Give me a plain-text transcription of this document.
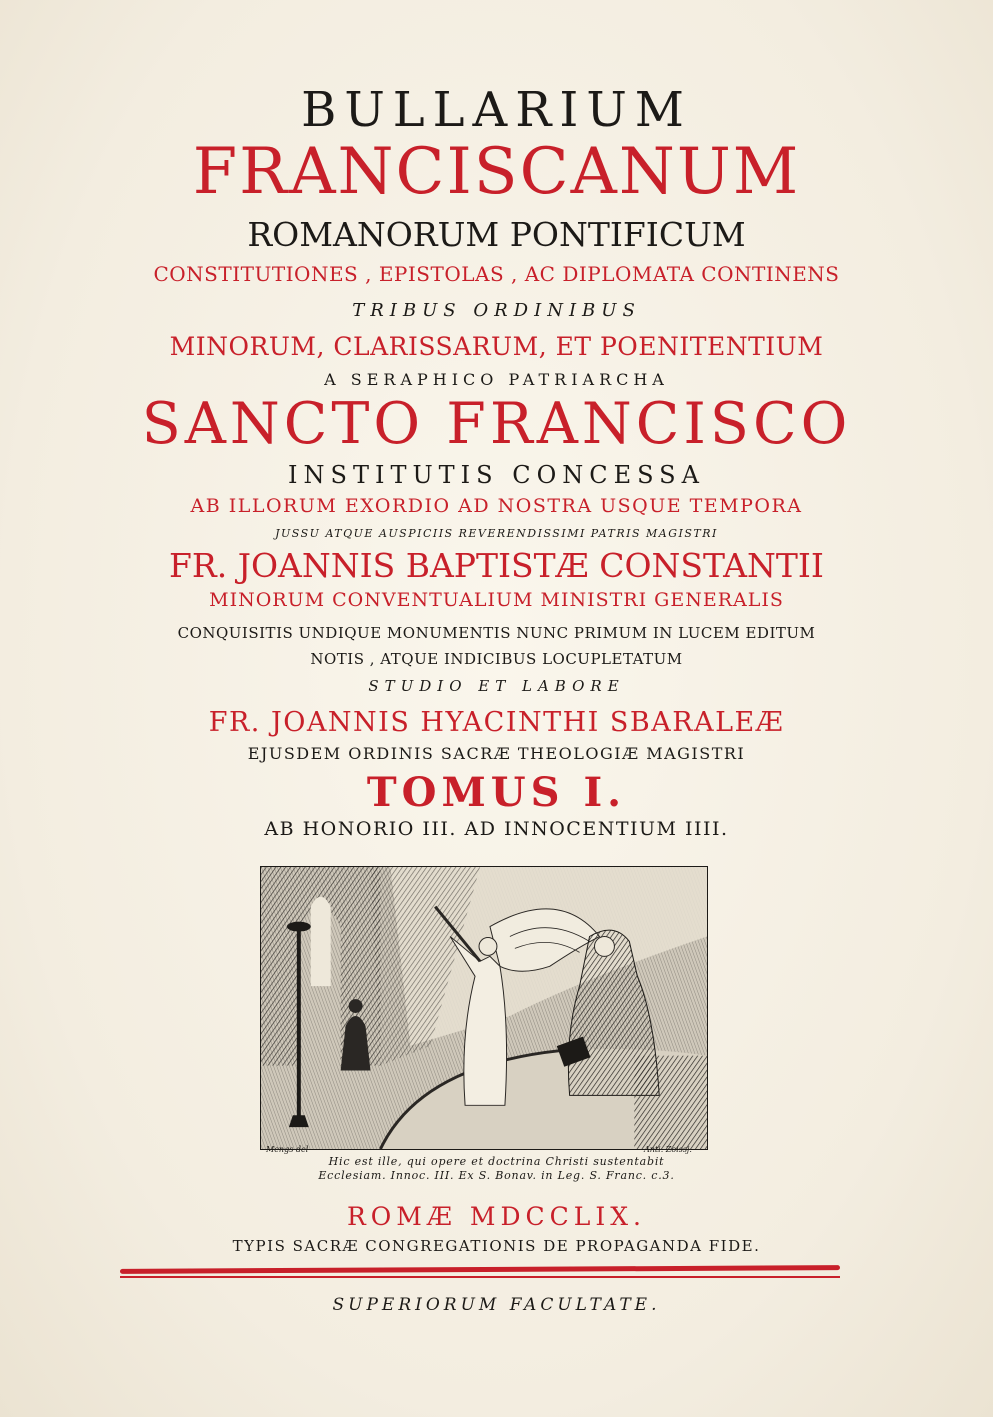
BULLARIUM
FRANCISCANUM
ROMANORUM PONTIFICUM
CONSTITUTIONES , EPISTOLAS , AC DIPLOMATA CONTINENS
TRIBUS ORDINIBUS
MINORUM, CLARISSARUM, ET POENITENTIUM
A SERAPHICO PATRIARCHA
SANCTO FRANCISCO
INSTITUTIS CONCESSA
AB ILLORUM EXORDIO AD NOSTRA USQUE TEMPORA
JUSSU ATQUE AUSPICIIS REVERENDISSIMI PATRIS MAGISTRI
FR. JOANNIS BAPTISTÆ CONSTANTII
MINORUM CONVENTUALIUM MINISTRI GENERALIS
CONQUISITIS UNDIQUE MONUMENTIS NUNC PRIMUM IN LUCEM EDITUM
NOTIS , ATQUE INDICIBUS LOCUPLETATUM
STUDIO ET LABORE
FR. JOANNIS HYACINTHI SBARALEÆ
EJUSDEM ORDINIS SACRÆ THEOLOGIÆ MAGISTRI
TOMUS I.
AB HONORIO III. AD INNOCENTIUM IIII.
Mengs del	Anti. Zoissj.
Hic est ille, qui opere et doctrina Christi sustentabit
Ecclesiam. Innoc. III. Ex S. Bonav. in Leg. S. Franc. c.3.
ROMÆ MDCCLIX.
TYPIS SACRÆ CONGREGATIONIS DE PROPAGANDA FIDE.
SUPERIORUM FACULTATE.
